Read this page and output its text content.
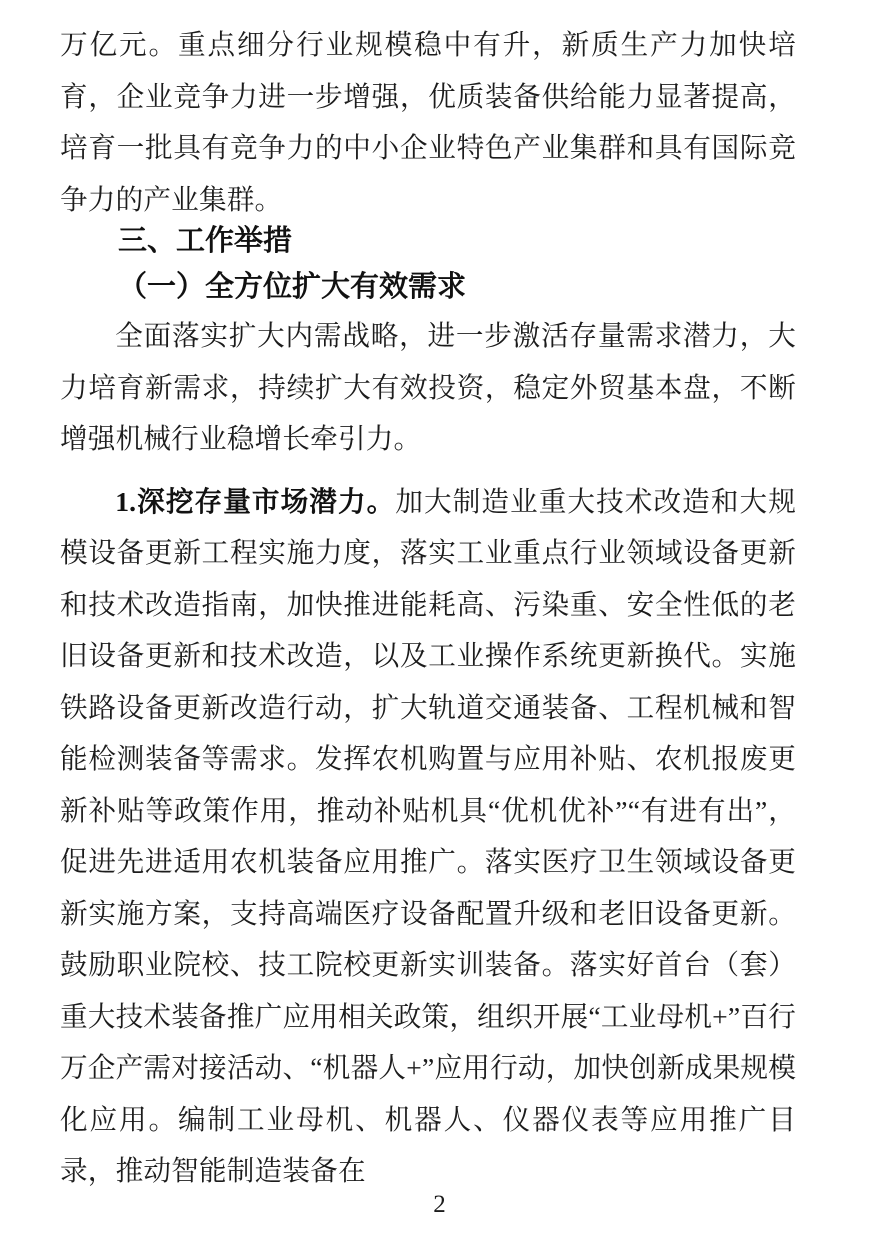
万亿元。重点细分行业规模稳中有升，新质生产力加快培育，企业竞争力进一步增强，优质装备供给能力显著提高，培育一批具有竞争力的中小企业特色产业集群和具有国际竞争力的产业集群。

三、工作举措
（一）全方位扩大有效需求

全面落实扩大内需战略，进一步激活存量需求潜力，大力培育新需求，持续扩大有效投资，稳定外贸基本盘，不断增强机械行业稳增长牵引力。

1.深挖存量市场潜力。加大制造业重大技术改造和大规模设备更新工程实施力度，落实工业重点行业领域设备更新和技术改造指南，加快推进能耗高、污染重、安全性低的老旧设备更新和技术改造，以及工业操作系统更新换代。实施铁路设备更新改造行动，扩大轨道交通装备、工程机械和智能检测装备等需求。发挥农机购置与应用补贴、农机报废更新补贴等政策作用，推动补贴机具“优机优补”“有进有出”，促进先进适用农机装备应用推广。落实医疗卫生领域设备更新实施方案，支持高端医疗设备配置升级和老旧设备更新。鼓励职业院校、技工院校更新实训装备。落实好首台（套）重大技术装备推广应用相关政策，组织开展“工业母机+”百行万企产需对接活动、“机器人+”应用行动，加快创新成果规模化应用。编制工业母机、机器人、仪器仪表等应用推广目录，推动智能制造装备在

2
